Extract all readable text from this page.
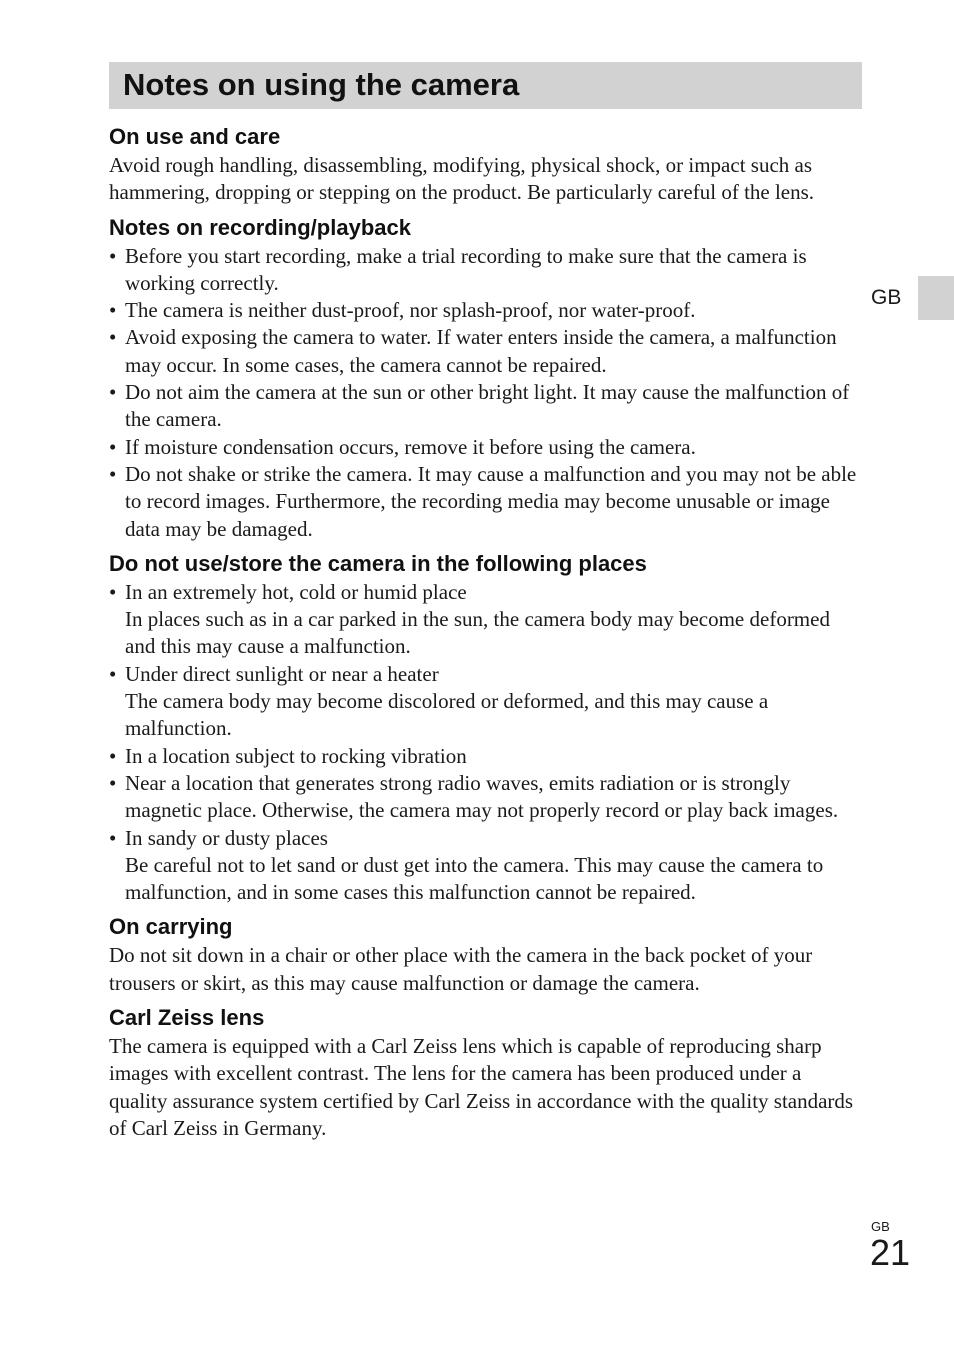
Notes on using the camera
GB
On use and care

Avoid rough handling, disassembling, modifying, physical shock, or impact such as hammering, dropping or stepping on the product. Be particularly careful of the lens.

Notes on recording/playback
• Before you start recording, make a trial recording to make sure that the camera is working correctly.
• The camera is neither dust-proof, nor splash-proof, nor water-proof.
• Avoid exposing the camera to water. If water enters inside the camera, a malfunction may occur. In some cases, the camera cannot be repaired.
• Do not aim the camera at the sun or other bright light. It may cause the malfunction of the camera.
• If moisture condensation occurs, remove it before using the camera.
• Do not shake or strike the camera. It may cause a malfunction and you may not be able to record images. Furthermore, the recording media may become unusable or image data may be damaged.
Do not use/store the camera in the following places
• In an extremely hot, cold or humid place
In places such as in a car parked in the sun, the camera body may become deformed and this may cause a malfunction.
• Under direct sunlight or near a heater
The camera body may become discolored or deformed, and this may cause a malfunction.
• In a location subject to rocking vibration
• Near a location that generates strong radio waves, emits radiation or is strongly magnetic place. Otherwise, the camera may not properly record or play back images.
• In sandy or dusty places
Be careful not to let sand or dust get into the camera. This may cause the camera to malfunction, and in some cases this malfunction cannot be repaired.
On carrying

Do not sit down in a chair or other place with the camera in the back pocket of your trousers or skirt, as this may cause malfunction or damage the camera.

Carl Zeiss lens

The camera is equipped with a Carl Zeiss lens which is capable of reproducing sharp images with excellent contrast. The lens for the camera has been produced under a quality assurance system certified by Carl Zeiss in accordance with the quality standards of Carl Zeiss in Germany.

GB
21
